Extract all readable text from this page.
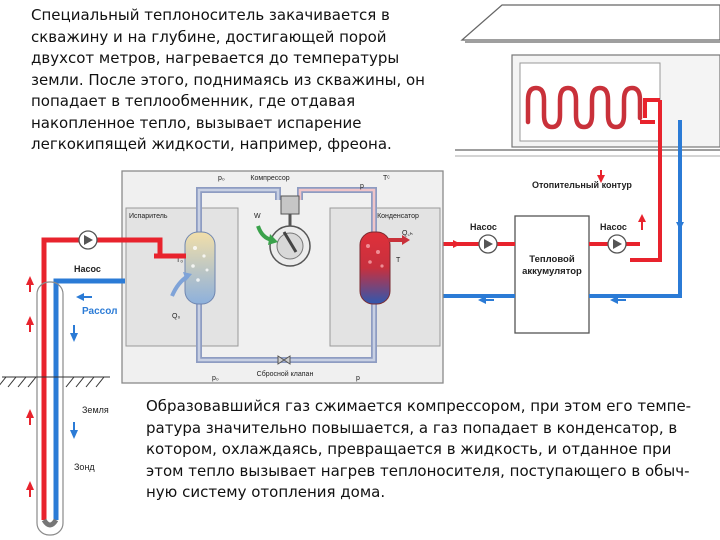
Тепловой
аккумулятор
Компрессор
Испаритель	Конденсатор
Сбросной клапан
W
T
T₀
Tᶜ
p₀
p₀
p
p
Q₀
Q꜀ₕ
Насос
Рассол
Земля
Зонд
Насос	Насос
Отопительный контур

Специальный теплоноситель закачивается в
скважину и на глубине, достигающей порой
двухсот метров, нагревается до температуры
земли. После этого, поднимаясь из скважины, он
попадает в теплообменник, где отдавая
накопленное тепло, вызывает испарение
легкокипящей жидкости, например, фреона.

Образовавшийся газ сжимается компрессором, при этом его темпе-
ратура значительно повышается, а газ попадает в конденсатор, в
котором, охлаждаясь, превращается в жидкость, и отданное при
этом тепло вызывает нагрев теплоносителя, поступающего в обыч-
ную систему отопления дома.
